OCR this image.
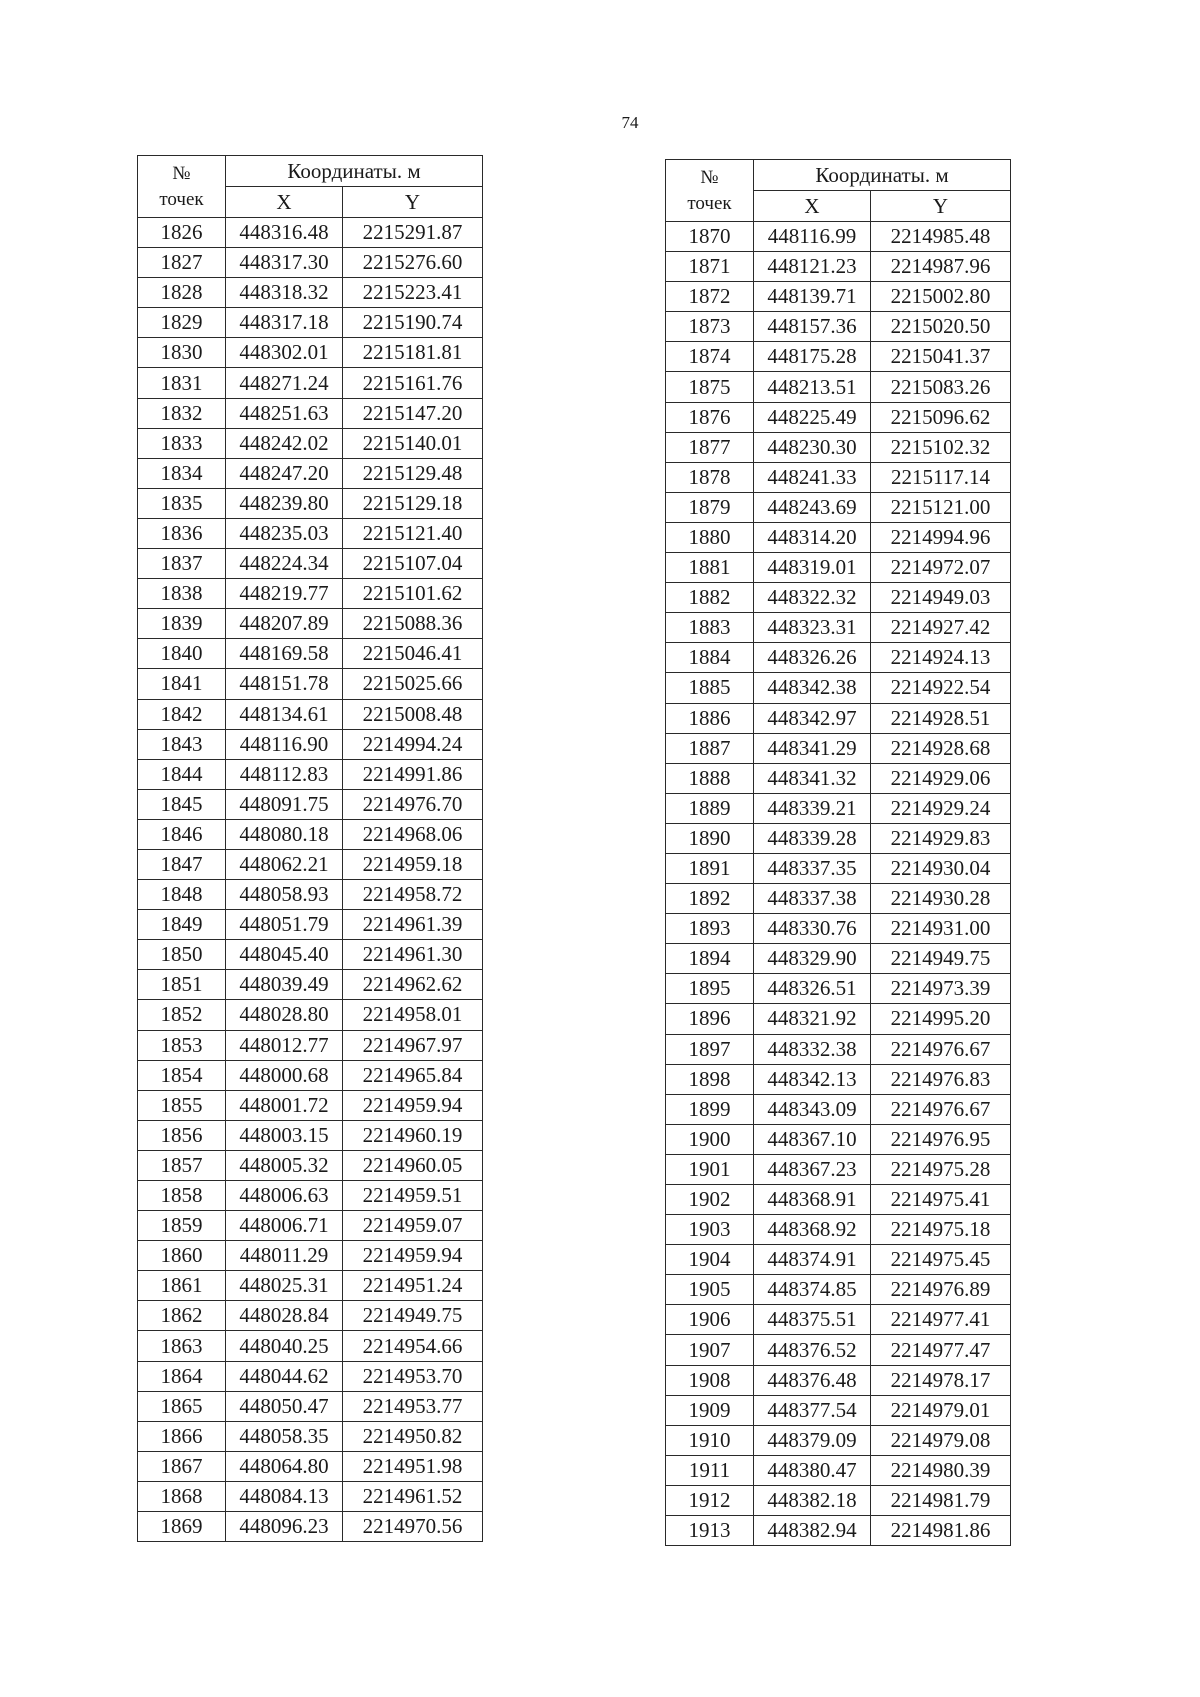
74
№
точек	Координаты. м	
	X	Y
1826	448316.48	2215291.87
1827	448317.30	2215276.60
1828	448318.32	2215223.41
1829	448317.18	2215190.74
1830	448302.01	2215181.81
1831	448271.24	2215161.76
1832	448251.63	2215147.20
1833	448242.02	2215140.01
1834	448247.20	2215129.48
1835	448239.80	2215129.18
1836	448235.03	2215121.40
1837	448224.34	2215107.04
1838	448219.77	2215101.62
1839	448207.89	2215088.36
1840	448169.58	2215046.41
1841	448151.78	2215025.66
1842	448134.61	2215008.48
1843	448116.90	2214994.24
1844	448112.83	2214991.86
1845	448091.75	2214976.70
1846	448080.18	2214968.06
1847	448062.21	2214959.18
1848	448058.93	2214958.72
1849	448051.79	2214961.39
1850	448045.40	2214961.30
1851	448039.49	2214962.62
1852	448028.80	2214958.01
1853	448012.77	2214967.97
1854	448000.68	2214965.84
1855	448001.72	2214959.94
1856	448003.15	2214960.19
1857	448005.32	2214960.05
1858	448006.63	2214959.51
1859	448006.71	2214959.07
1860	448011.29	2214959.94
1861	448025.31	2214951.24
1862	448028.84	2214949.75
1863	448040.25	2214954.66
1864	448044.62	2214953.70
1865	448050.47	2214953.77
1866	448058.35	2214950.82
1867	448064.80	2214951.98
1868	448084.13	2214961.52
1869	448096.23	2214970.56
№
точек	Координаты. м	
	X	Y
1870	448116.99	2214985.48
1871	448121.23	2214987.96
1872	448139.71	2215002.80
1873	448157.36	2215020.50
1874	448175.28	2215041.37
1875	448213.51	2215083.26
1876	448225.49	2215096.62
1877	448230.30	2215102.32
1878	448241.33	2215117.14
1879	448243.69	2215121.00
1880	448314.20	2214994.96
1881	448319.01	2214972.07
1882	448322.32	2214949.03
1883	448323.31	2214927.42
1884	448326.26	2214924.13
1885	448342.38	2214922.54
1886	448342.97	2214928.51
1887	448341.29	2214928.68
1888	448341.32	2214929.06
1889	448339.21	2214929.24
1890	448339.28	2214929.83
1891	448337.35	2214930.04
1892	448337.38	2214930.28
1893	448330.76	2214931.00
1894	448329.90	2214949.75
1895	448326.51	2214973.39
1896	448321.92	2214995.20
1897	448332.38	2214976.67
1898	448342.13	2214976.83
1899	448343.09	2214976.67
1900	448367.10	2214976.95
1901	448367.23	2214975.28
1902	448368.91	2214975.41
1903	448368.92	2214975.18
1904	448374.91	2214975.45
1905	448374.85	2214976.89
1906	448375.51	2214977.41
1907	448376.52	2214977.47
1908	448376.48	2214978.17
1909	448377.54	2214979.01
1910	448379.09	2214979.08
1911	448380.47	2214980.39
1912	448382.18	2214981.79
1913	448382.94	2214981.86
